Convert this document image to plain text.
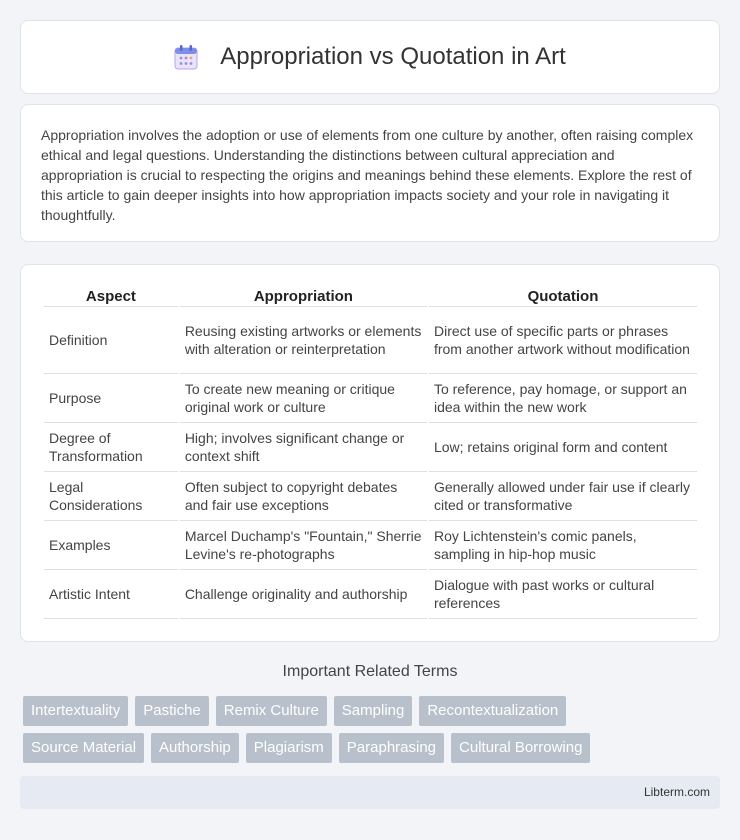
Appropriation vs Quotation in Art

Appropriation involves the adoption or use of elements from one culture by another, often raising complex ethical and legal questions. Understanding the distinctions between cultural appreciation and appropriation is crucial to respecting the origins and meanings behind these elements. Explore the rest of this article to gain deeper insights into how appropriation impacts society and your role in navigating it thoughtfully.

Aspect	Appropriation	Quotation
Definition	Reusing existing artworks or elements with alteration or reinterpretation	Direct use of specific parts or phrases from another artwork without modification
Purpose	To create new meaning or critique original work or culture	To reference, pay homage, or support an idea within the new work
Degree of Transformation	High; involves significant change or context shift	Low; retains original form and content
Legal Considerations	Often subject to copyright debates and fair use exceptions	Generally allowed under fair use if clearly cited or transformative
Examples	Marcel Duchamp's "Fountain," Sherrie Levine's re-photographs	Roy Lichtenstein's comic panels, sampling in hip-hop music
Artistic Intent	Challenge originality and authorship	Dialogue with past works or cultural references
Important Related Terms
Intertextuality	Pastiche	Remix Culture	Sampling	Recontextualization
Source Material	Authorship	Plagiarism	Paraphrasing	Cultural Borrowing
Libterm.com
